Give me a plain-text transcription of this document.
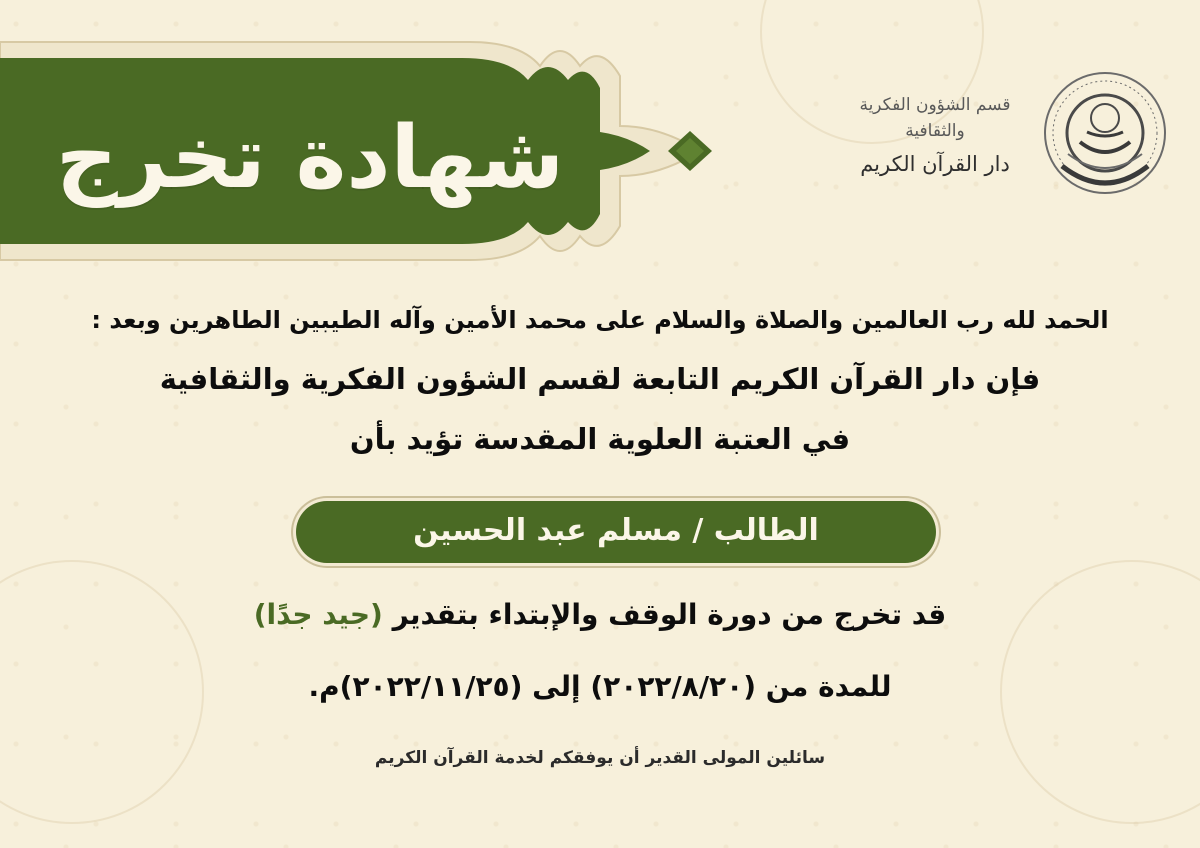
شهادة تخرج
قسم الشؤون الفكرية والثقافية
دار القرآن الكريم
الحمد لله رب العالمين والصلاة والسلام على محمد الأمين وآله الطيبين الطاهرين وبعد :
فإن دار القرآن الكريم التابعة لقسم الشؤون الفكرية والثقافية
في العتبة العلوية المقدسة تؤيد بأن
الطالب / مسلم عبد الحسين
قد تخرج من دورة الوقف والإبتداء بتقدير (جيد جدًا)
للمدة من (٢٠٢٢/٨/٢٠) إلى (٢٠٢٢/١١/٢٥)م.
سائلين المولى القدير أن يوفقكم لخدمة القرآن الكريم
